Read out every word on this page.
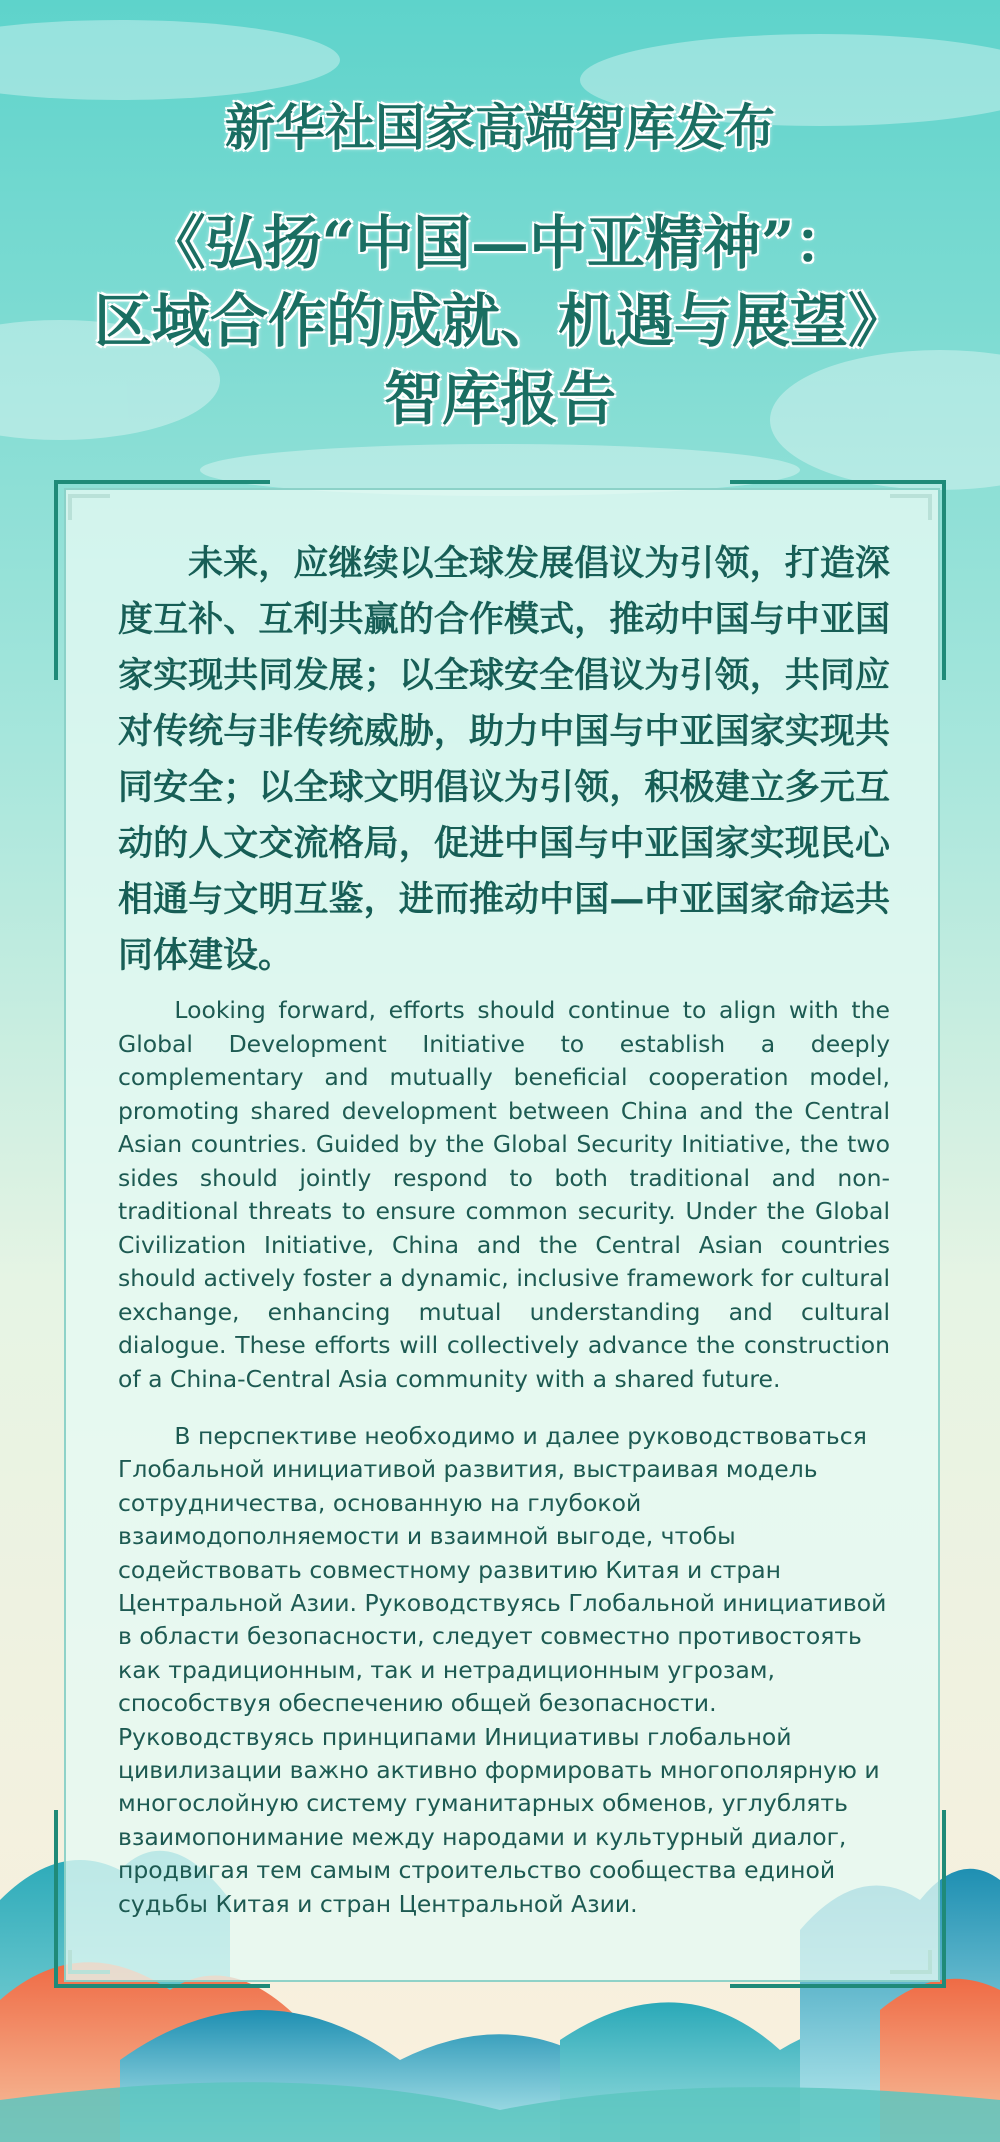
新华社国家高端智库发布

《弘扬“中国—中亚精神”：

区域合作的成就、机遇与展望》

智库报告

未来，应继续以全球发展倡议为引领，打造深度互补、互利共赢的合作模式，推动中国与中亚国家实现共同发展；以全球安全倡议为引领，共同应对传统与非传统威胁，助力中国与中亚国家实现共同安全；以全球文明倡议为引领，积极建立多元互动的人文交流格局，促进中国与中亚国家实现民心相通与文明互鉴，进而推动中国—中亚国家命运共同体建设。

Looking forward, efforts should continue to align with the Global Development Initiative to establish a deeply complementary and mutually beneficial cooperation model, promoting shared development between China and the Central Asian countries. Guided by the Global Security Initiative, the two sides should jointly respond to both traditional and non-traditional threats to ensure common security. Under the Global Civilization Initiative, China and the Central Asian countries should actively foster a dynamic, inclusive framework for cultural exchange, enhancing mutual understanding and cultural dialogue. These efforts will collectively advance the construction of a China-Central Asia community with a shared future.

В перспективе необходимо и далее руководствоваться Глобальной инициативой развития, выстраивая модель сотрудничества, основанную на глубокой взаимодополняемости и взаимной выгоде, чтобы содействовать совместному развитию Китая и стран Центральной Азии. Руководствуясь Глобальной инициативой в области безопасности, следует совместно противостоять как традиционным, так и нетрадиционным угрозам, способствуя обеспечению общей безопасности. Руководствуясь принципами Инициативы глобальной цивилизации важно активно формировать многополярную и многослойную систему гуманитарных обменов, углублять взаимопонимание между народами и культурный диалог, продвигая тем самым строительство сообщества единой судьбы Китая и стран Центральной Азии.
